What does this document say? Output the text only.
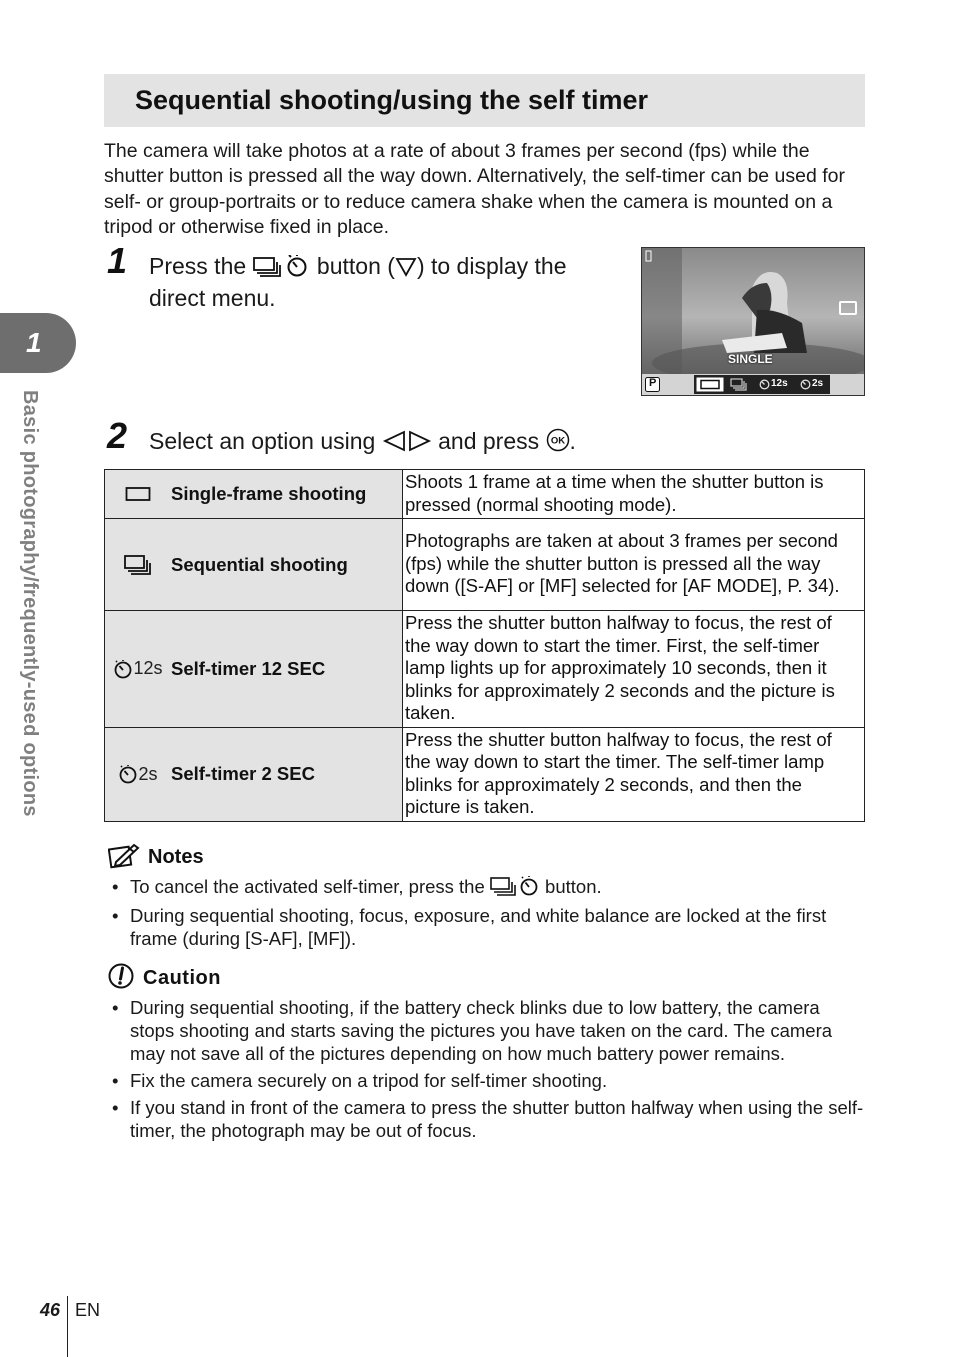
Sequential shooting/using the self timer
The camera will take photos at a rate of about 3 frames per second (fps) while the shutter button is pressed all the way down. Alternatively, the self-timer can be used for self- or group-portraits or to reduce camera shake when the camera is mounted on a tripod or otherwise fixed in place.
1
Basic photography/frequently-used options
1 Press the	button ( ) to display the direct menu.
SINGLE
P	12s 2s
2 Select an option using  and press OK .
Single-frame shooting	Shoots 1 frame at a time when the shutter button is pressed (normal shooting mode).

Sequential shooting	Photographs are taken at about 3 frames per second (fps) while the shutter button is pressed all the way down ([S-AF] or [MF] selected for [AF MODE], P. 34).

12s Self-timer 12 SEC	Press the shutter button halfway to focus, the rest of the way down to start the timer. First, the self-timer lamp lights up for approximately 10 seconds, then it blinks for approximately 2 seconds and the picture is taken.

2s Self-timer 2 SEC	Press the shutter button halfway to focus, the rest of the way down to start the timer. The self-timer lamp blinks for approximately 2 seconds, and then the picture is taken.
Notes
• To cancel the activated self-timer, press the	button.
• During sequential shooting, focus, exposure, and white balance are locked at the first frame (during [S-AF], [MF]).
Caution
• During sequential shooting, if the battery check blinks due to low battery, the camera stops shooting and starts saving the pictures you have taken on the card. The camera may not save all of the pictures depending on how much battery power remains.
• Fix the camera securely on a tripod for self-timer shooting.
• If you stand in front of the camera to press the shutter button halfway when using the self-timer, the photograph may be out of focus.
46 EN
